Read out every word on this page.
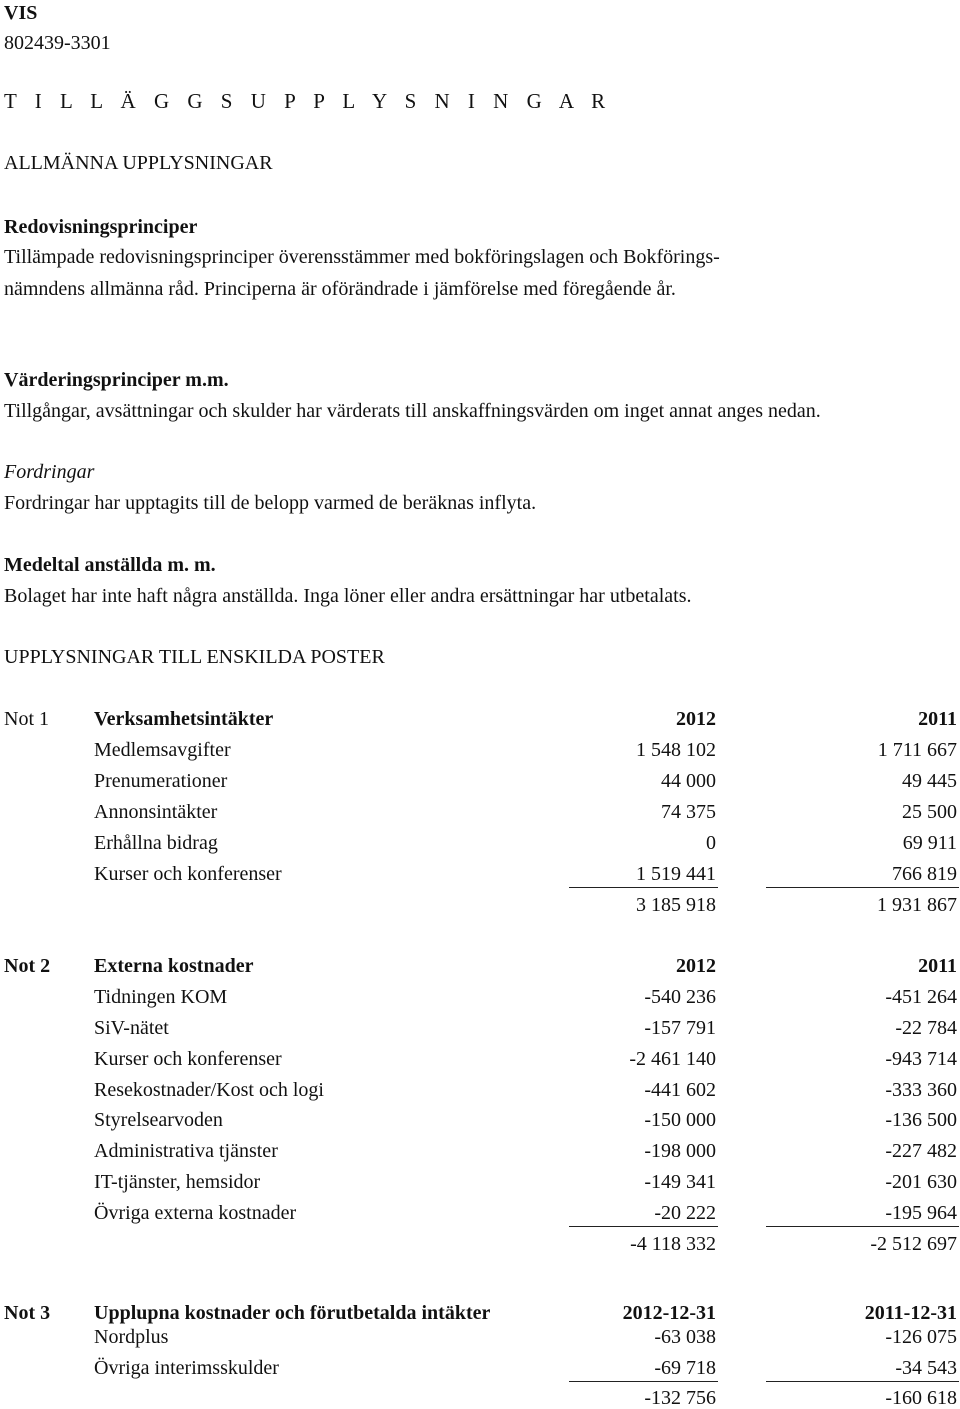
VIS
802439-3301
T I L L Ä G G S U P P L Y S N I N G A R
ALLMÄNNA UPPLYSNINGAR
Redovisningsprinciper
Tillämpade redovisningsprinciper överensstämmer med bokföringslagen och Bokförings-
nämndens allmänna råd. Principerna är oförändrade i jämförelse med föregående år.
Värderingsprinciper m.m.
Tillgångar, avsättningar och skulder har värderats till anskaffningsvärden om inget annat anges nedan.
Fordringar
Fordringar har upptagits till de belopp varmed de beräknas inflyta.
Medeltal anställda m. m.
Bolaget har inte haft några anställda. Inga löner eller andra ersättningar har utbetalats.
UPPLYSNINGAR TILL ENSKILDA POSTER
Not 1 Verksamhetsintäkter	2012	2011
Medlemsavgifter	1 548 102	1 711 667
Prenumerationer	44 000	49 445
Annonsintäkter	74 375	25 500
Erhållna bidrag	0	69 911
Kurser och konferenser	1 519 441	766 819
3 185 918	1 931 867
Not 2 Externa kostnader	2012	2011
Tidningen KOM	-540 236	-451 264
SiV-nätet	-157 791	-22 784
Kurser och konferenser	-2 461 140	-943 714
Resekostnader/Kost och logi	-441 602	-333 360
Styrelsearvoden	-150 000	-136 500
Administrativa tjänster	-198 000	-227 482
IT-tjänster, hemsidor	-149 341	-201 630
Övriga externa kostnader	-20 222	-195 964
-4 118 332	-2 512 697
Not 3 Upplupna kostnader och förutbetalda intäkter	2012-12-31	2011-12-31
Nordplus	-63 038	-126 075
Övriga interimsskulder	-69 718	-34 543
-132 756	-160 618
